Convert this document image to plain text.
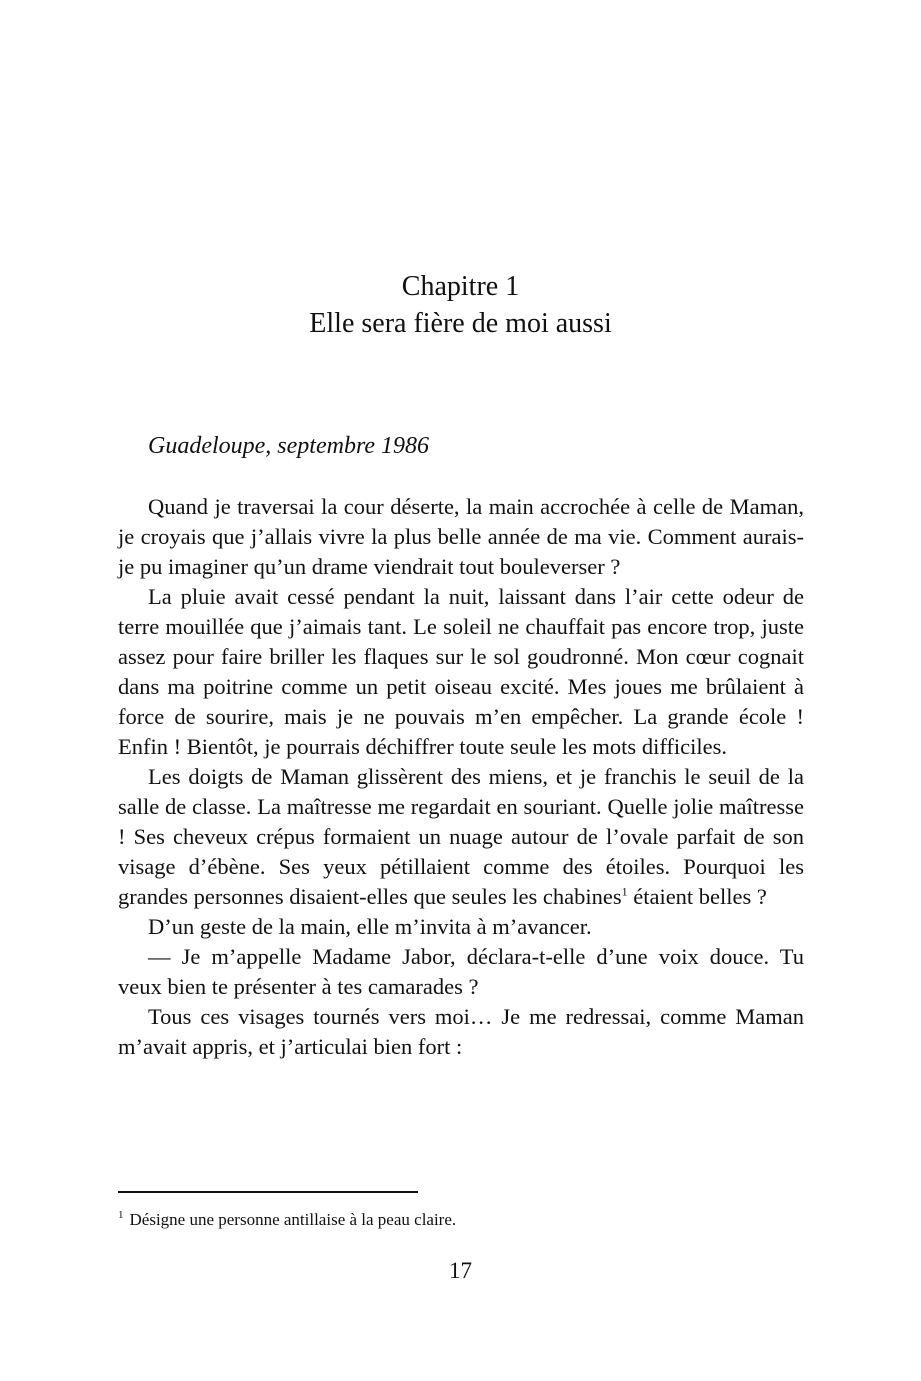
Chapitre 1
Elle sera fière de moi aussi
Guadeloupe, septembre 1986

Quand je traversai la cour déserte, la main accrochée à celle de Maman, je croyais que j’allais vivre la plus belle année de ma vie. Comment aurais-je pu imaginer qu’un drame viendrait tout bouleverser ?

La pluie avait cessé pendant la nuit, laissant dans l’air cette odeur de terre mouillée que j’aimais tant. Le soleil ne chauffait pas encore trop, juste assez pour faire briller les flaques sur le sol goudronné. Mon cœur cognait dans ma poitrine comme un petit oiseau excité. Mes joues me brûlaient à force de sourire, mais je ne pouvais m’en empêcher. La grande école ! Enfin ! Bientôt, je pourrais déchiffrer toute seule les mots difficiles.

Les doigts de Maman glissèrent des miens, et je franchis le seuil de la salle de classe. La maîtresse me regardait en souriant. Quelle jolie maîtresse ! Ses cheveux crépus formaient un nuage autour de l’ovale parfait de son visage d’ébène. Ses yeux pétillaient comme des étoiles. Pourquoi les grandes personnes disaient-elles que seules les chabines$^1$ étaient belles ?

D’un geste de la main, elle m’invita à m’avancer.

— Je m’appelle Madame Jabor, déclara-t-elle d’une voix douce. Tu veux bien te présenter à tes camarades ?

Tous ces visages tournés vers moi… Je me redressai, comme Maman m’avait appris, et j’articulai bien fort :

$^1$ Désigne une personne antillaise à la peau claire.
17
